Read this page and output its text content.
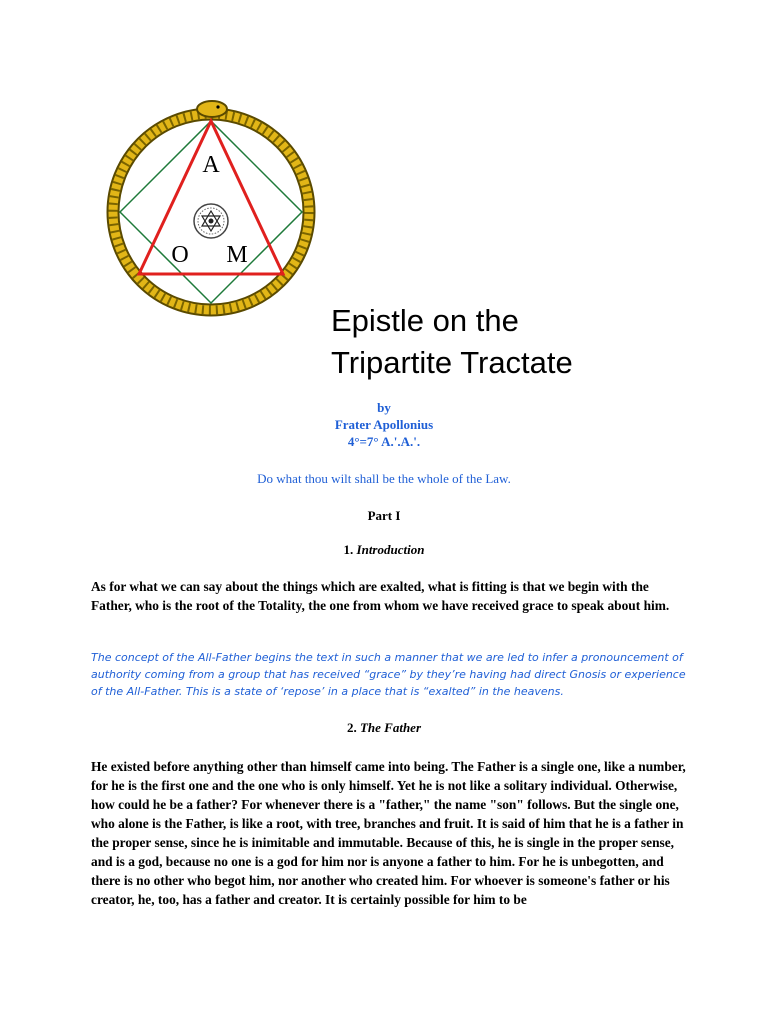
A
O M
Epistle on the
Tripartite Tractate
by
Frater Apollonius
4°=7° A.'.A.'.
Do what thou wilt shall be the whole of the Law.
Part I
1. Introduction

As for what we can say about the things which are exalted, what is fitting is that we begin with the Father, who is the root of the Totality, the one from whom we have received grace to speak about him.

The concept of the All-Father begins the text in such a manner that we are led to infer a pronouncement of authority coming from a group that has received “grace” by they’re having had direct Gnosis or experience of the All-Father. This is a state of ‘repose’ in a place that is “exalted” in the heavens.

2. The Father

He existed before anything other than himself came into being. The Father is a single one, like a number, for he is the first one and the one who is only himself. Yet he is not like a solitary individual. Otherwise, how could he be a father? For whenever there is a "father," the name "son" follows. But the single one, who alone is the Father, is like a root, with tree, branches and fruit. It is said of him that he is a father in the proper sense, since he is inimitable and immutable. Because of this, he is single in the proper sense, and is a god, because no one is a god for him nor is anyone a father to him. For he is unbegotten, and there is no other who begot him, nor another who created him. For whoever is someone's father or his creator, he, too, has a father and creator. It is certainly possible for him to be
